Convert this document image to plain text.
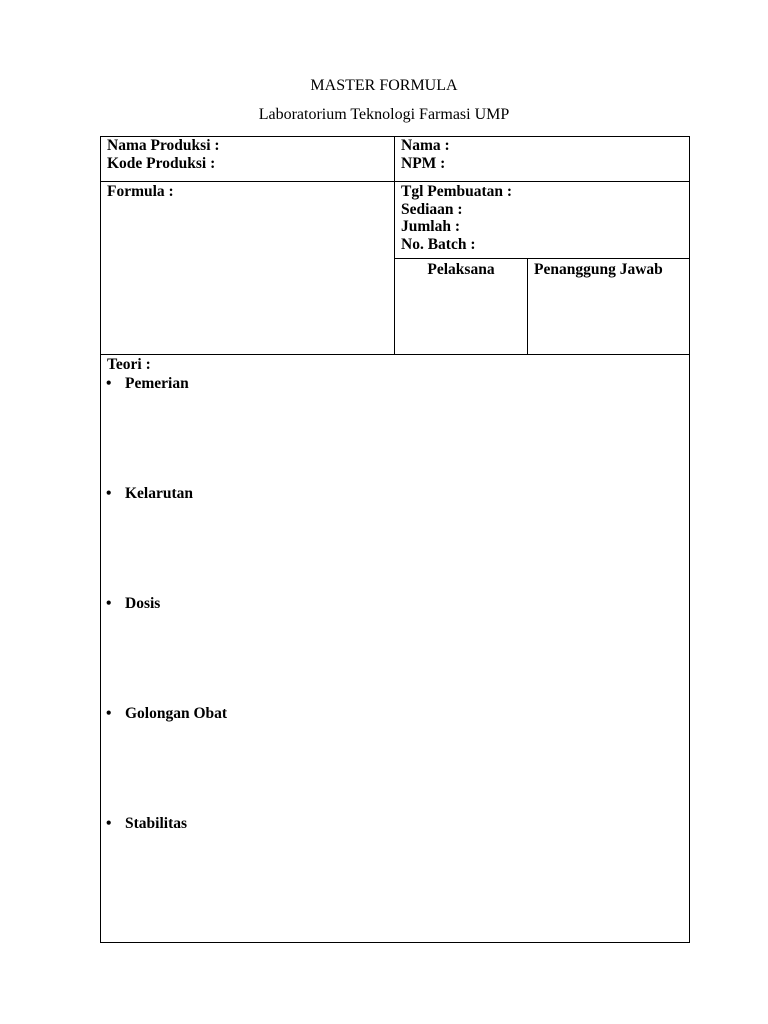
MASTER FORMULA
Laboratorium Teknologi Farmasi UMP
Nama Produksi :
Kode Produksi :
Nama :
NPM :
Formula :	Tgl Pembuatan :
Sediaan :
Jumlah :
No. Batch :
Pelaksana	Penanggung Jawab
Teori :
• Pemerian
• Kelarutan
• Dosis
• Golongan Obat
• Stabilitas
